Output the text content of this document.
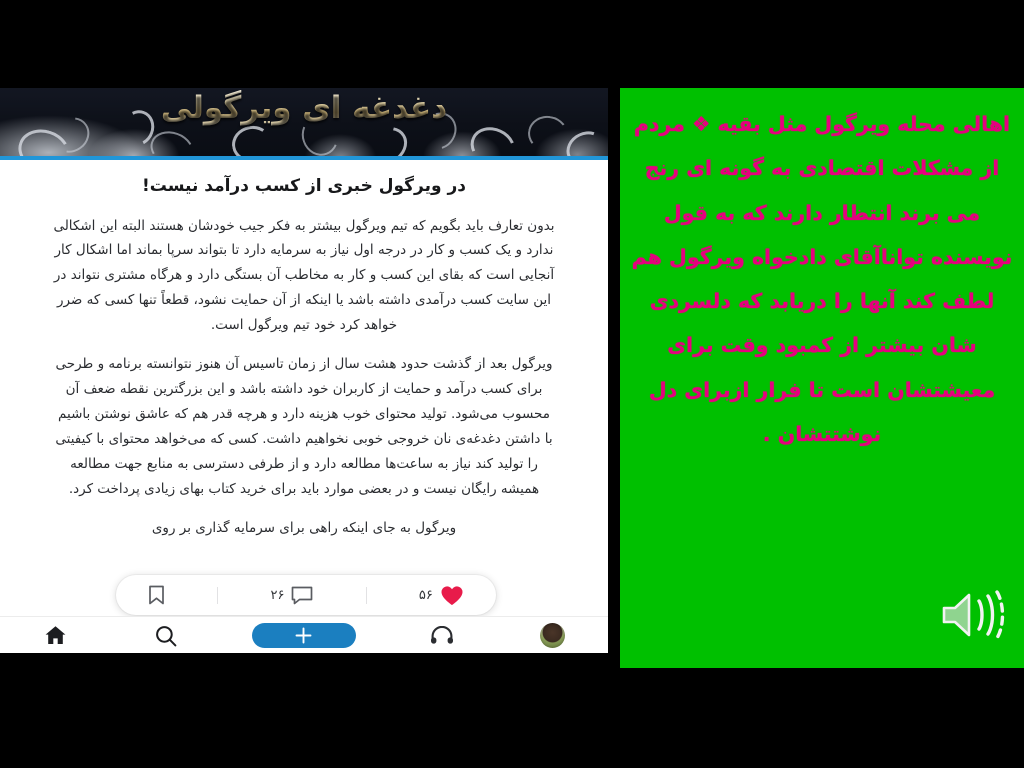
دغدغه ای ویرگولی
در ویرگول خبری از کسب درآمد نیست!

بدون تعارف باید بگویم که تیم ویرگول بیشتر به فکر جیب خودشان هستند البته این اشکالی ندارد و یک کسب و کار در درجه اول نیاز به سرمایه دارد تا بتواند سرپا بماند اما اشکال کار آنجایی است که بقای این کسب و کار به مخاطب آن بستگی دارد و هرگاه مشتری نتواند در این سایت کسب درآمدی داشته باشد یا اینکه از آن حمایت نشود، قطعاً تنها کسی که ضرر خواهد کرد خود تیم ویرگول است.

ویرگول بعد از گذشت حدود هشت سال از زمان تاسیس آن هنوز نتوانسته برنامه و طرحی برای کسب درآمد و حمایت از کاربران خود داشته باشد و این بزرگترین نقطه ضعف آن محسوب می‌شود. تولید محتوای خوب هزینه دارد و هرچه قدر هم که عاشق نوشتن باشیم با داشتن دغدغه‌ی نان خروجی خوبی نخواهیم داشت. کسی که می‌خواهد محتوای با کیفیتی را تولید کند نیاز به ساعت‌ها مطالعه دارد و از طرفی دسترسی به منابع جهت مطالعه همیشه رایگان نیست و در بعضی موارد باید برای خرید کتاب بهای زیادی پرداخت کرد.

ویرگول به جای اینکه راهی برای سرمایه گذاری بر روی

۲۶	۵۶
اهالی محله ویرگول مثل بقیه ❖ مردم از مشکلات اقتصادی به گونه ای رنج می برند انتظار دارند که به قول نویسنده تواناآقای دادخواه ویرگول هم لطف کند آنها را دریابد که دلسردی شان بیشتر از کمبود وقت برای معیشتشان است تا فرار ازبرای دل نوشتتشان .
